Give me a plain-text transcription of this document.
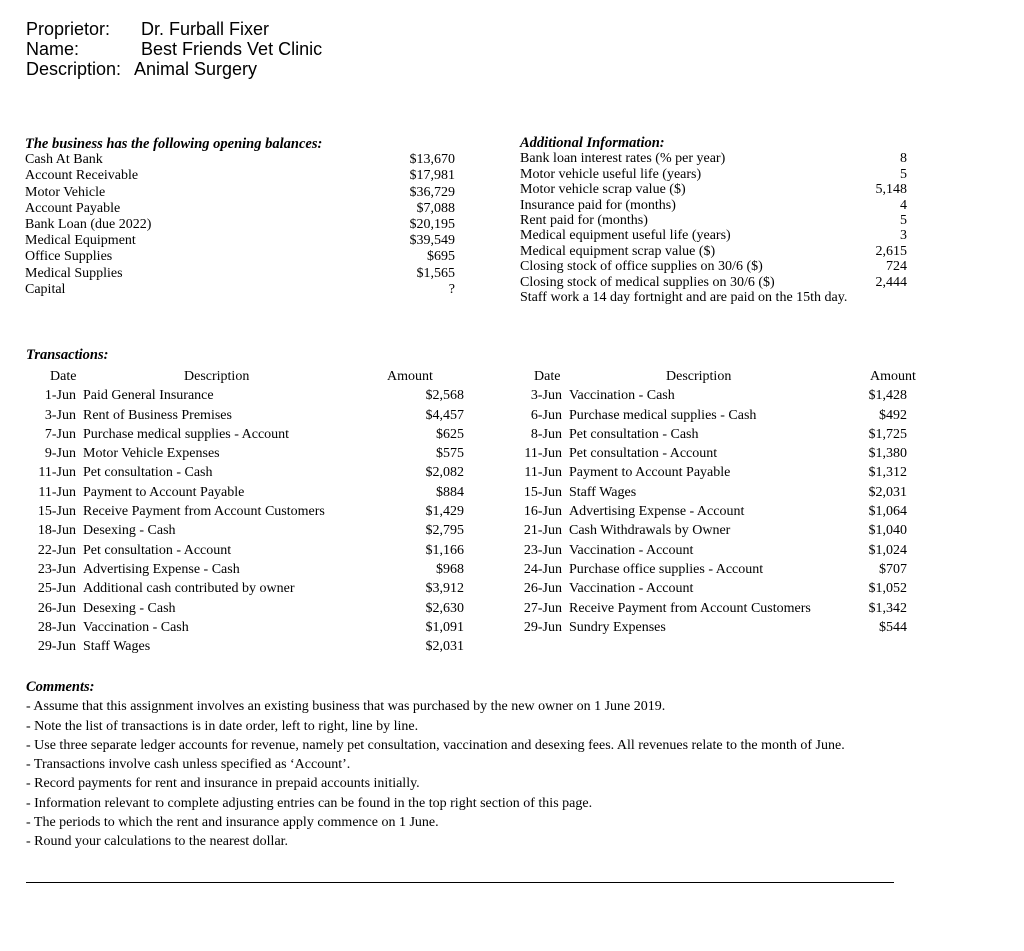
Proprietor: Dr. Furball Fixer
Name:	Best Friends Vet Clinic
Description: Animal Surgery
The business has the following opening balances:
Cash At Bank	$13,670
Account Receivable	$17,981
Motor Vehicle	$36,729
Account Payable	$7,088
Bank Loan (due 2022)	$20,195
Medical Equipment	$39,549
Office Supplies	$695
Medical Supplies	$1,565
Capital	?
Additional Information:
Bank loan interest rates (% per year)	8
Motor vehicle useful life (years)	5
Motor vehicle scrap value ($)	5,148
Insurance paid for (months)	4
Rent paid for (months)	5
Medical equipment useful life (years)	3
Medical equipment scrap value ($)	2,615
Closing stock of office supplies on 30/6 ($)	724
Closing stock of medical supplies on 30/6 ($)	2,444
Staff work a 14 day fortnight and are paid on the 15th day.
Transactions:
Date	Description	Amount
1-Jun Paid General Insurance	$2,568
3-Jun Rent of Business Premises	$4,457
7-Jun Purchase medical supplies - Account	$625
9-Jun Motor Vehicle Expenses	$575
11-Jun Pet consultation - Cash	$2,082
11-Jun Payment to Account Payable	$884
15-Jun Receive Payment from Account Customers	$1,429
18-Jun Desexing - Cash	$2,795
22-Jun Pet consultation - Account	$1,166
23-Jun Advertising Expense - Cash	$968
25-Jun Additional cash contributed by owner	$3,912
26-Jun Desexing - Cash	$2,630
28-Jun Vaccination - Cash	$1,091
29-Jun Staff Wages	$2,031
Date	Description	Amount
3-Jun Vaccination - Cash	$1,428
6-Jun Purchase medical supplies - Cash	$492
8-Jun Pet consultation - Cash	$1,725
11-Jun Pet consultation - Account	$1,380
11-Jun Payment to Account Payable	$1,312
15-Jun Staff Wages	$2,031
16-Jun Advertising Expense - Account	$1,064
21-Jun Cash Withdrawals by Owner	$1,040
23-Jun Vaccination - Account	$1,024
24-Jun Purchase office supplies - Account	$707
26-Jun Vaccination - Account	$1,052
27-Jun Receive Payment from Account Customers	$1,342
29-Jun Sundry Expenses	$544
Comments:
- Assume that this assignment involves an existing business that was purchased by the new owner on 1 June 2019.
- Note the list of transactions is in date order, left to right, line by line.
- Use three separate ledger accounts for revenue, namely pet consultation, vaccination and desexing fees. All revenues relate to the month of June.
- Transactions involve cash unless specified as ‘Account’.
- Record payments for rent and insurance in prepaid accounts initially.
- Information relevant to complete adjusting entries can be found in the top right section of this page.
- The periods to which the rent and insurance apply commence on 1 June.
- Round your calculations to the nearest dollar.
